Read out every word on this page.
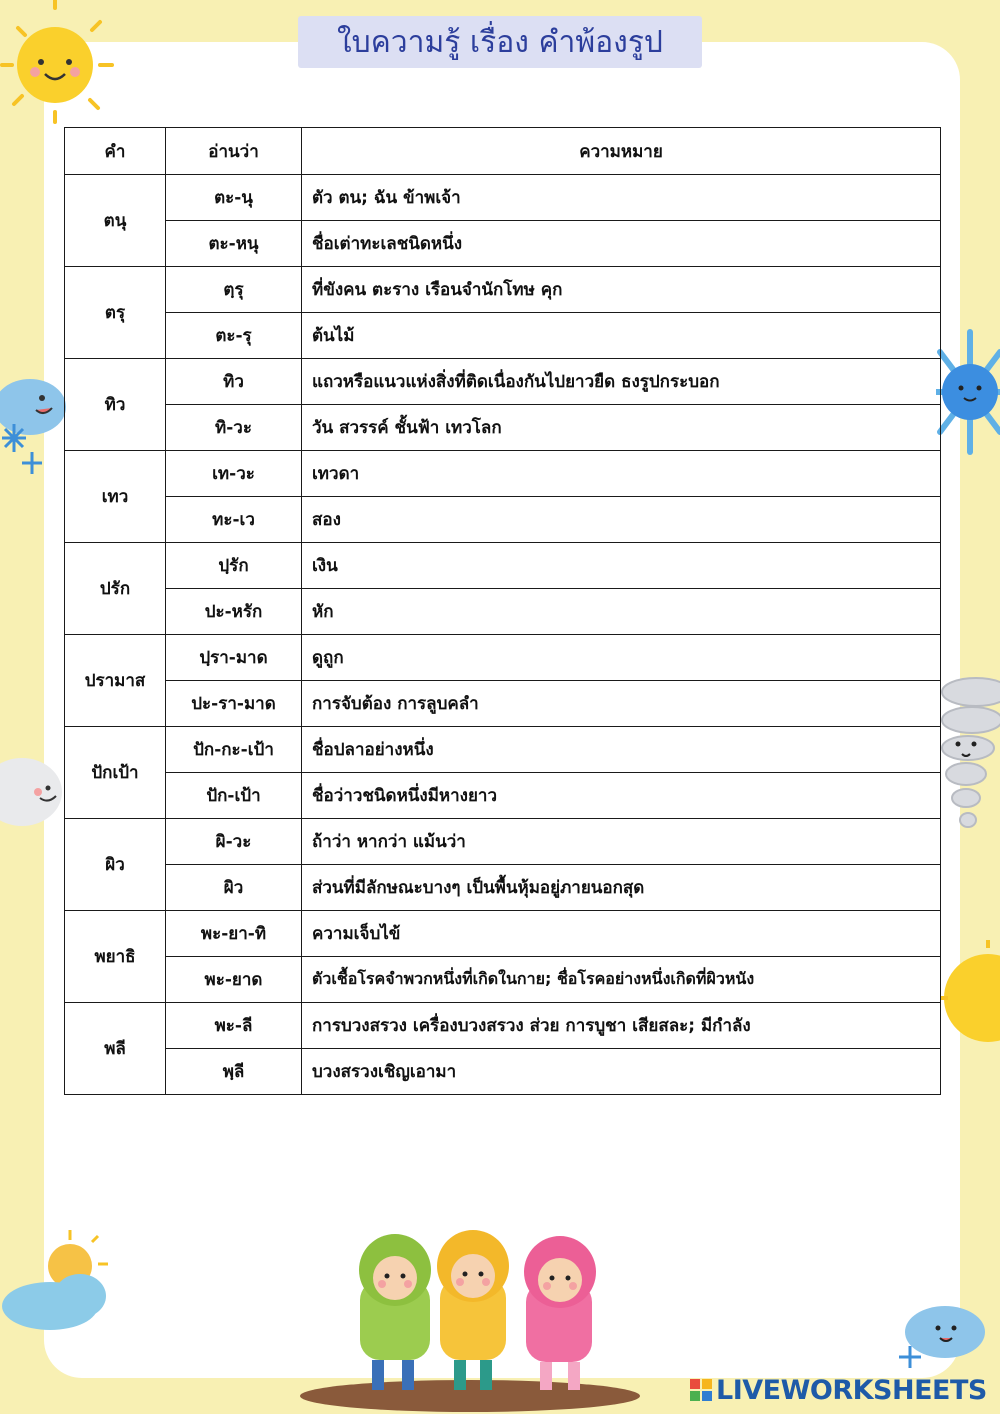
ใบความรู้ เรื่อง คำพ้องรูป
คำ	อ่านว่า	ความหมาย
ตนุ	ตะ-นุ	ตัว ตน; ฉัน ข้าพเจ้า
	ตะ-หนุ	ชื่อเต่าทะเลชนิดหนึ่ง
ตรุ	ตฺรุ	ที่ขังคน ตะราง เรือนจำนักโทษ คุก
	ตะ-รุ	ต้นไม้
ทิว	ทิว	แถวหรือแนวแห่งสิ่งที่ติดเนื่องกันไปยาวยืด ธงรูปกระบอก
	ทิ-วะ	วัน สวรรค์ ชั้นฟ้า เทวโลก
เทว	เท-วะ	เทวดา
	ทะ-เว	สอง
ปรัก	ปฺรัก	เงิน
	ปะ-หรัก	หัก
ปรามาส	ปฺรา-มาด	ดูถูก
	ปะ-รา-มาด	การจับต้อง การลูบคลำ
ปักเป้า	ปัก-กะ-เป้า	ชื่อปลาอย่างหนึ่ง
	ปัก-เป้า	ชื่อว่าวชนิดหนึ่งมีหางยาว
ผิว	ผิ-วะ	ถ้าว่า หากว่า แม้นว่า
	ผิว	ส่วนที่มีลักษณะบางๆ เป็นพื้นหุ้มอยู่ภายนอกสุด
พยาธิ	พะ-ยา-ทิ	ความเจ็บไข้
	พะ-ยาด	ตัวเชื้อโรคจำพวกหนึ่งที่เกิดในกาย; ชื่อโรคอย่างหนึ่งเกิดที่ผิวหนัง
พลี	พะ-ลี	การบวงสรวง เครื่องบวงสรวง ส่วย การบูชา เสียสละ; มีกำลัง
	พฺลี	บวงสรวงเชิญเอามา
LIVEWORKSHEETS
